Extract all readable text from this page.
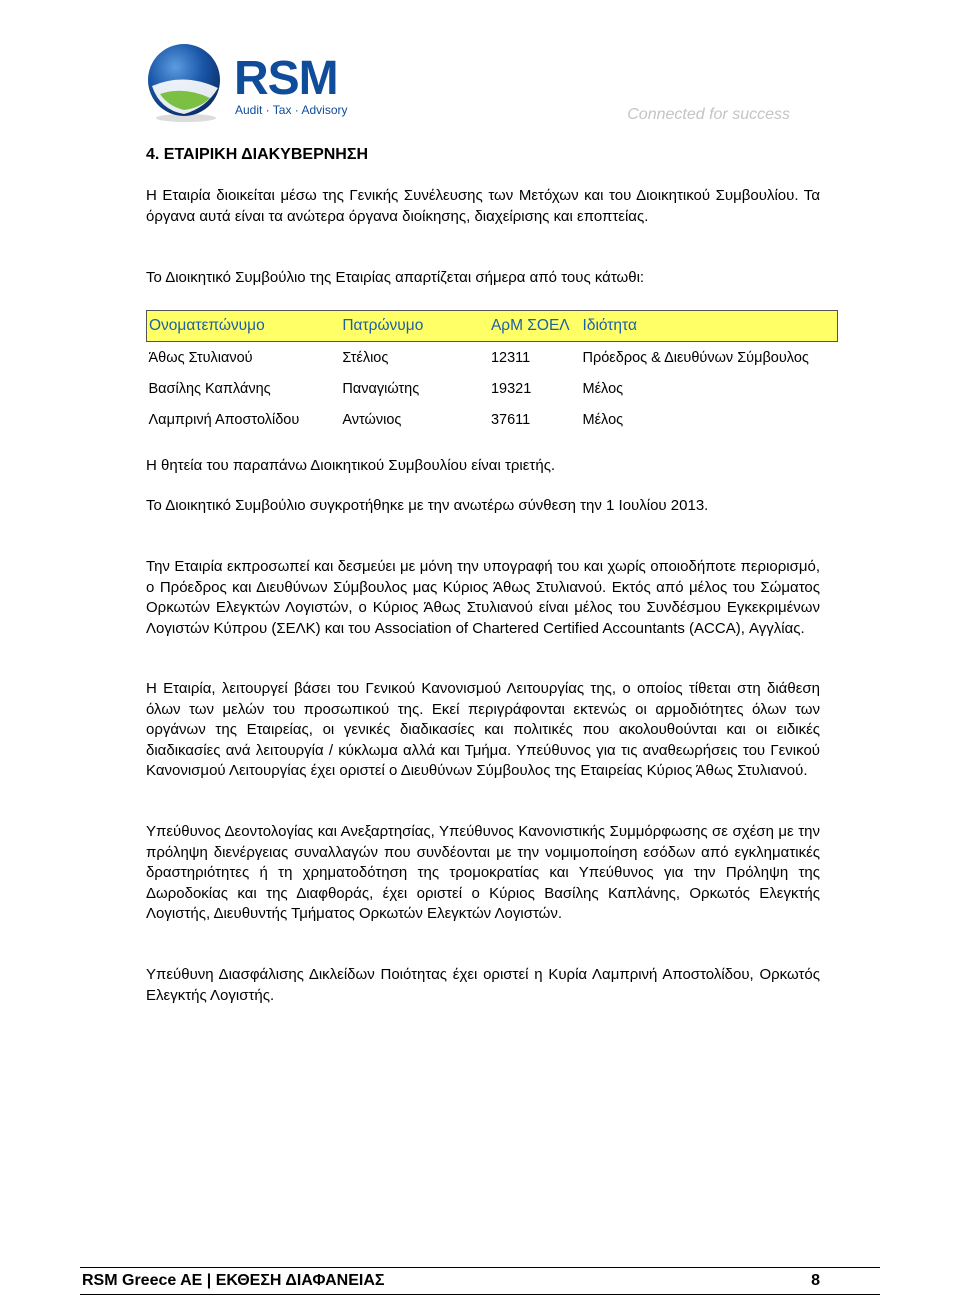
RSM
Audit · Tax · Advisory	Connected for success
4. ΕΤΑΙΡΙΚΗ ΔΙΑΚΥΒΕΡΝΗΣΗ

Η Εταιρία διοικείται μέσω της Γενικής Συνέλευσης των Μετόχων και του Διοικητικού Συμβουλίου. Τα όργανα αυτά είναι τα ανώτερα όργανα διοίκησης, διαχείρισης και εποπτείας.

Το Διοικητικό Συμβούλιο της Εταιρίας απαρτίζεται σήμερα από τους κάτωθι:

Ονοματεπώνυμο	Πατρώνυμο	ΑρΜ ΣΟΕΛ	Ιδιότητα
Άθως Στυλιανού	Στέλιος	12311	Πρόεδρος & Διευθύνων Σύμβουλος
Βασίλης Καπλάνης	Παναγιώτης	19321	Μέλος
Λαμπρινή Αποστολίδου	Αντώνιος	37611	Μέλος

Η θητεία του παραπάνω Διοικητικού Συμβουλίου είναι τριετής.

Το Διοικητικό Συμβούλιο συγκροτήθηκε με την ανωτέρω σύνθεση την 1 Ιουλίου 2013.

Την Εταιρία εκπροσωπεί και δεσμεύει με μόνη την υπογραφή του και χωρίς οποιοδήποτε περιορισμό, ο Πρόεδρος και Διευθύνων Σύμβουλος μας Κύριος Άθως Στυλιανού. Εκτός από μέλος του Σώματος Ορκωτών Ελεγκτών Λογιστών, ο Κύριος Άθως Στυλιανού είναι μέλος του Συνδέσμου Εγκεκριμένων Λογιστών Κύπρου (ΣΕΛΚ) και του Association of Chartered Certified Accountants (ACCA), Αγγλίας.

Η Εταιρία, λειτουργεί βάσει του Γενικού Κανονισμού Λειτουργίας της, ο οποίος τίθεται στη διάθεση όλων των μελών του προσωπικού της. Εκεί περιγράφονται εκτενώς οι αρμοδιότητες όλων των οργάνων της Εταιρείας, οι γενικές διαδικασίες και πολιτικές που ακολουθούνται και οι ειδικές διαδικασίες ανά λειτουργία / κύκλωμα αλλά και Τμήμα. Υπεύθυνος για τις αναθεωρήσεις του Γενικού Κανονισμού Λειτουργίας έχει οριστεί ο Διευθύνων Σύμβουλος της Εταιρείας Κύριος Άθως Στυλιανού.

Υπεύθυνος Δεοντολογίας και Ανεξαρτησίας, Υπεύθυνος Κανονιστικής Συμμόρφωσης σε σχέση με την πρόληψη διενέργειας συναλλαγών που συνδέονται με την νομιμοποίηση εσόδων από εγκληματικές δραστηριότητες ή τη χρηματοδότηση της τρομοκρατίας και Υπεύθυνος για την Πρόληψη της Δωροδοκίας και της Διαφθοράς, έχει οριστεί ο Κύριος Βασίλης Καπλάνης, Ορκωτός Ελεγκτής Λογιστής, Διευθυντής Τμήματος Ορκωτών Ελεγκτών Λογιστών.

Υπεύθυνη Διασφάλισης Δικλείδων Ποιότητας έχει οριστεί η Κυρία Λαμπρινή Αποστολίδου, Ορκωτός Ελεγκτής Λογιστής.

RSM Greece AE | ΕΚΘΕΣΗ ΔΙΑΦΑΝΕΙΑΣ	8
